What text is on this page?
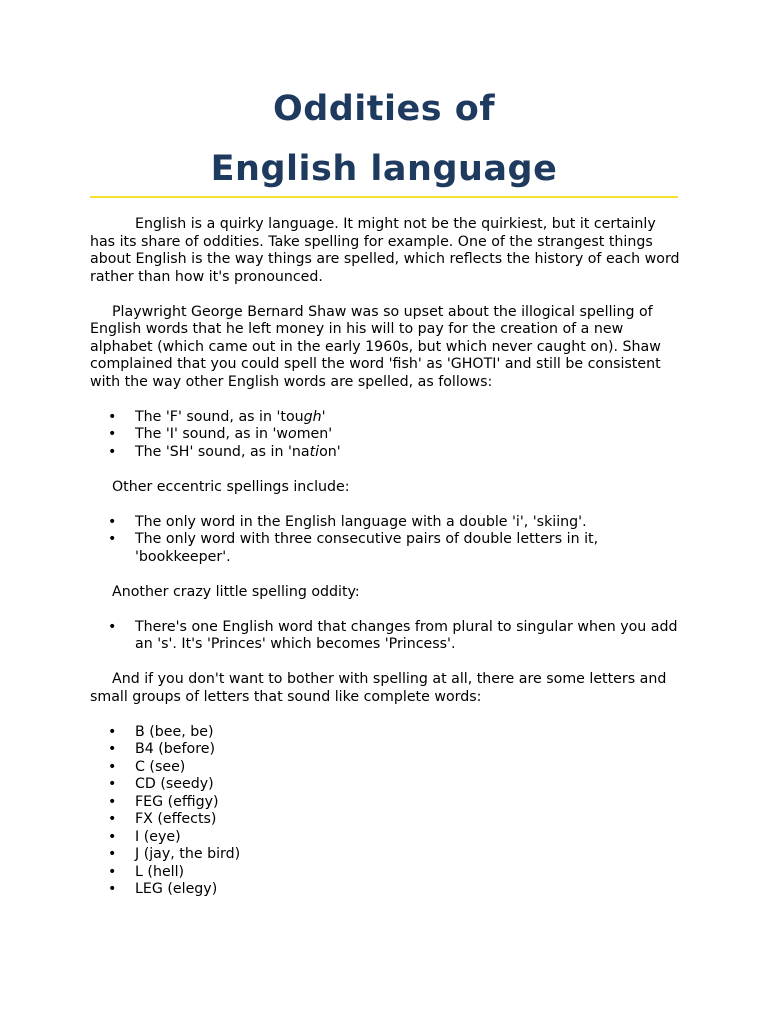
Oddities of
English language

English is a quirky language. It might not be the quirkiest, but it certainly has its share of oddities. Take spelling for example. One of the strangest things about English is the way things are spelled, which reflects the history of each word rather than how it's pronounced.

Playwright George Bernard Shaw was so upset about the illogical spelling of English words that he left money in his will to pay for the creation of a new alphabet (which came out in the early 1960s, but which never caught on). Shaw complained that you could spell the word 'fish' as 'GHOTI' and still be consistent with the way other English words are spelled, as follows:

• The 'F' sound, as in 'tough'
• The 'I' sound, as in 'women'
• The 'SH' sound, as in 'nation'

Other eccentric spellings include:

• The only word in the English language with a double 'i', 'skiing'.
• The only word with three consecutive pairs of double letters in it, 'bookkeeper'.

Another crazy little spelling oddity:

• There's one English word that changes from plural to singular when you add an 's'. It's 'Princes' which becomes 'Princess'.

And if you don't want to bother with spelling at all, there are some letters and small groups of letters that sound like complete words:

• B (bee, be)
• B4 (before)
• C (see)
• CD (seedy)
• FEG (effigy)
• FX (effects)
• I (eye)
• J (jay, the bird)
• L (hell)
• LEG (elegy)
